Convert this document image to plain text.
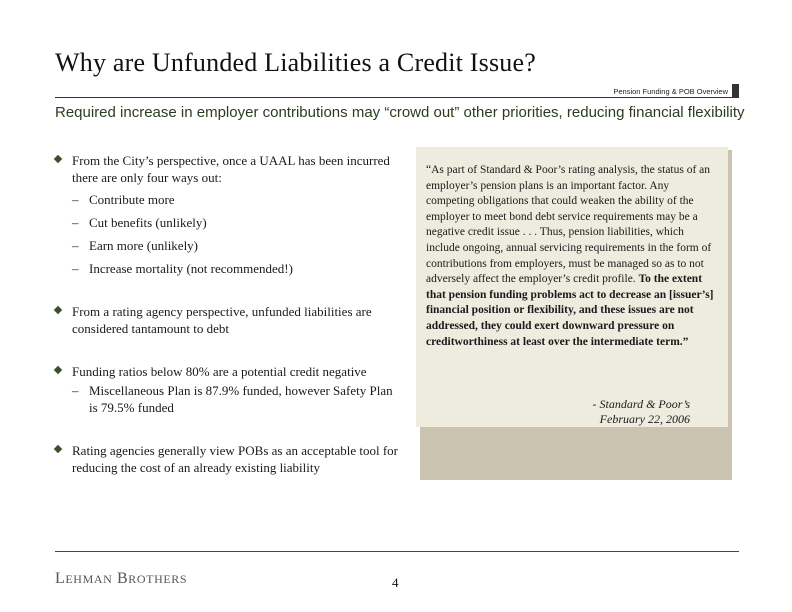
Why are Unfunded Liabilities a Credit Issue?
Pension Funding & POB Overview
Required increase in employer contributions may “crowd out” other priorities, reducing financial flexibility
From the City’s perspective, once a UAAL has been incurred there are only four ways out:
– Contribute more
– Cut benefits (unlikely)
– Earn more (unlikely)
– Increase mortality (not recommended!)
From a rating agency perspective, unfunded liabilities are considered tantamount to debt
Funding ratios below 80% are a potential credit negative
– Miscellaneous Plan is 87.9% funded, however Safety Plan is 79.5% funded
Rating agencies generally view POBs as an acceptable tool for reducing the cost of an already existing liability
“As part of Standard & Poor’s rating analysis, the status of an employer’s pension plans is an important factor. Any competing obligations that could weaken the ability of the employer to meet bond debt service requirements may be a negative credit issue . . . Thus, pension liabilities, which include ongoing, annual servicing requirements in the form of contributions from employers, must be managed so as to not adversely affect the employer’s credit profile. To the extent that pension funding problems act to decrease an [issuer’s] financial position or flexibility, and these issues are not addressed, they could exert downward pressure on creditworthiness at least over the intermediate term.”
- Standard & Poor’s
February 22, 2006
LEHMAN BROTHERS	4
